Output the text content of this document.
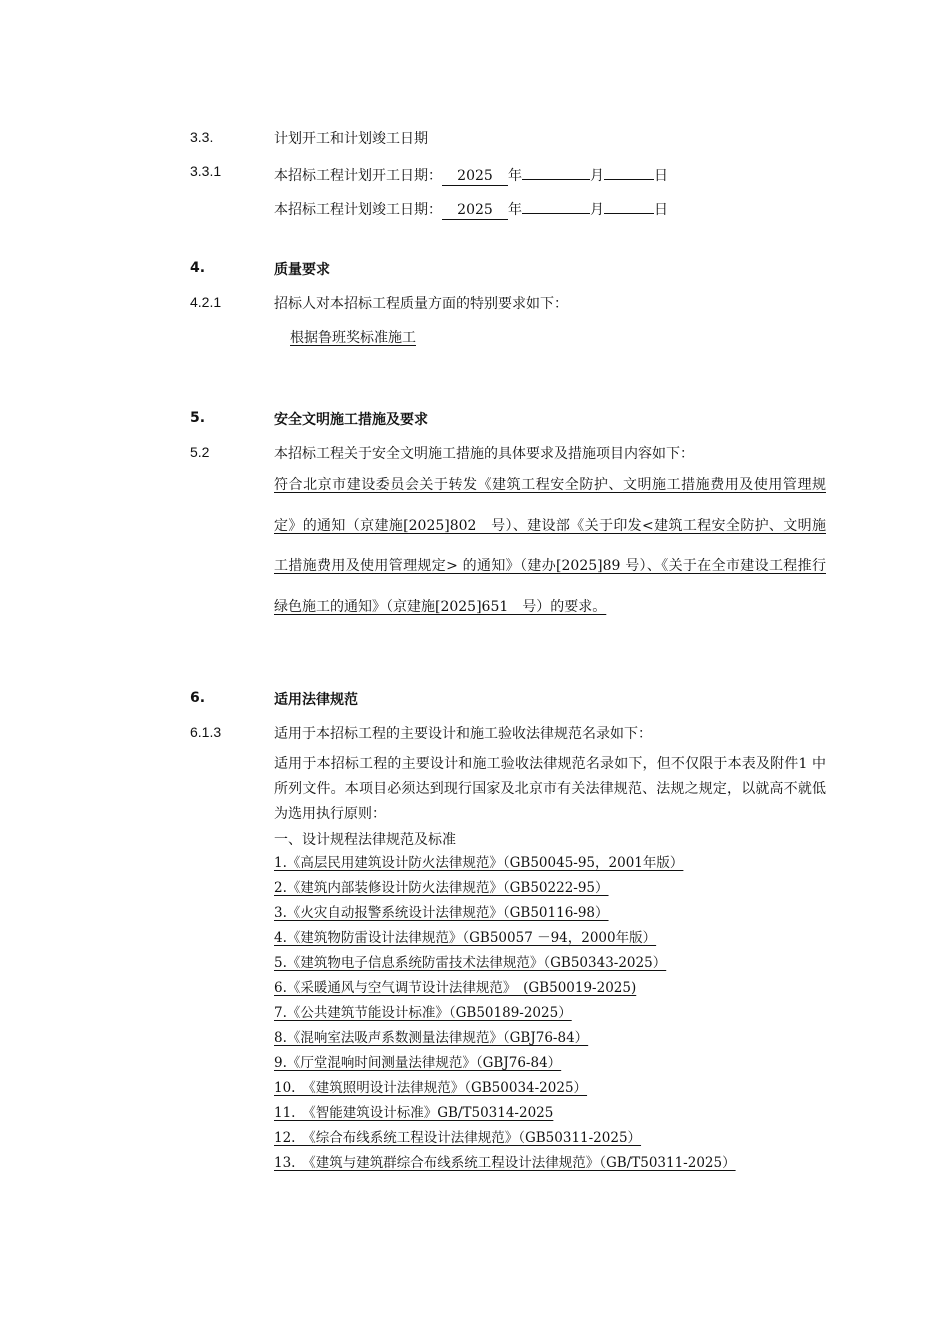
3.3.	计划开工和计划竣工日期
3.3.1	本招标工程计划开工日期： 2025 年	月	日
本招标工程计划竣工日期： 2025 年	月	日
4.	质量要求
4.2.1	招标人对本招标工程质量方面的特别要求如下：
根据鲁班奖标准施工
5.	安全文明施工措施及要求
5.2	本招标工程关于安全文明施工措施的具体要求及措施项目内容如下：
符合北京市建设委员会关于转发《建筑工程安全防护、文明施工措施费用及使用管理规定》的通知（京建施[2025]802　号）、建设部《关于印发<建筑工程安全防护、文明施工措施费用及使用管理规定> 的通知》（建办[2025]89 号）、《关于在全市建设工程推行绿色施工的通知》（京建施[2025]651　号）的要求。
6.	适用法律规范
6.1.3	适用于本招标工程的主要设计和施工验收法律规范名录如下：
适用于本招标工程的主要设计和施工验收法律规范名录如下，但不仅限于本表及附件1 中所列文件。本项目必须达到现行国家及北京市有关法律规范、法规之规定，以就高不就低为选用执行原则：
一、设计规程法律规范及标准
1.《高层民用建筑设计防火法律规范》（GB50045-95，2001年版）
2.《建筑内部装修设计防火法律规范》（GB50222-95）
3.《火灾自动报警系统设计法律规范》（GB50116-98）
4.《建筑物防雷设计法律规范》（GB50057 －94，2000年版）
5.《建筑物电子信息系统防雷技术法律规范》（GB50343-2025）
6.《采暖通风与空气调节设计法律规范》　(GB50019-2025)
7.《公共建筑节能设计标准》（GB50189-2025）
8.《混响室法吸声系数测量法律规范》（GBJ76-84）
9.《厅堂混响时间测量法律规范》（GBJ76-84）
10.　《建筑照明设计法律规范》（GB50034-2025）
11.　《智能建筑设计标准》GB/T50314-2025
12.　《综合布线系统工程设计法律规范》（GB50311-2025）
13.　《建筑与建筑群综合布线系统工程设计法律规范》（GB/T50311-2025）
